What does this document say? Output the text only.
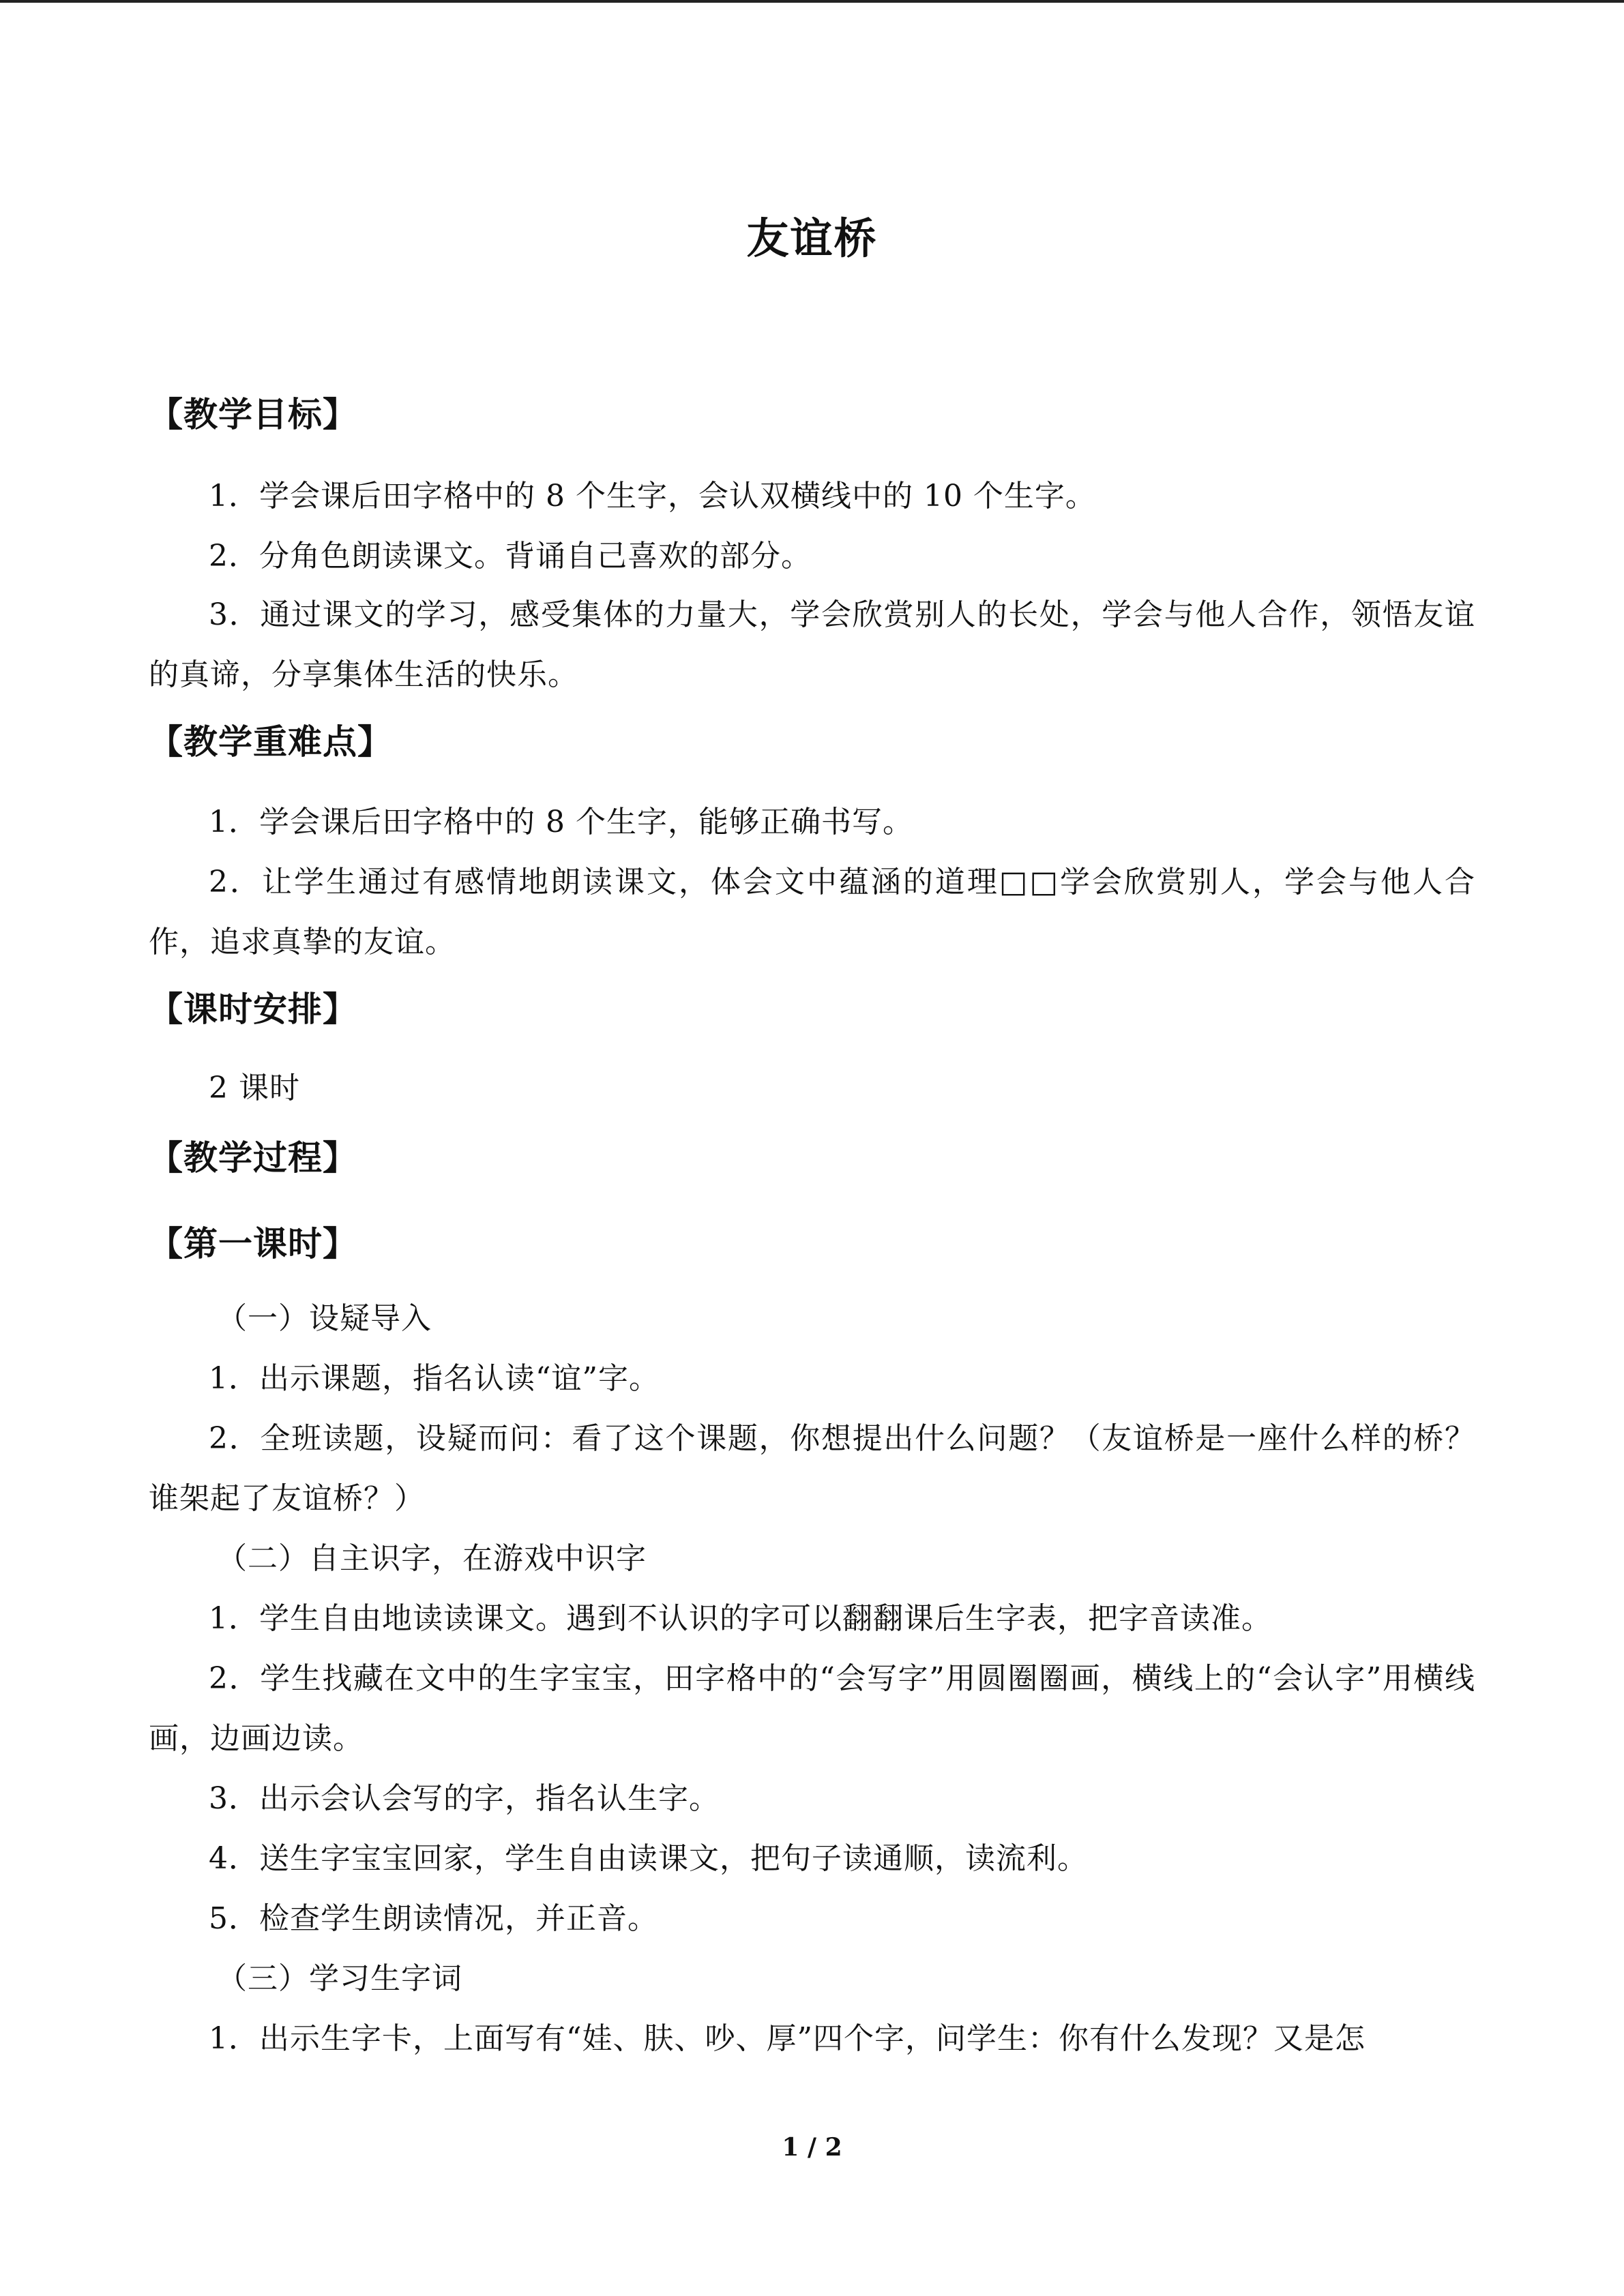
友谊桥
【教学目标】
1．学会课后田字格中的 8 个生字，会认双横线中的 10 个生字。
2．分角色朗读课文。背诵自己喜欢的部分。
3．通过课文的学习，感受集体的力量大，学会欣赏别人的长处，学会与他人合作，领悟友谊的真谛，分享集体生活的快乐。
【教学重难点】
1．学会课后田字格中的 8 个生字，能够正确书写。
2．让学生通过有感情地朗读课文，体会文中蕴涵的道理□□学会欣赏别人，学会与他人合作，追求真挚的友谊。
【课时安排】
2 课时
【教学过程】
【第一课时】
（一）设疑导入
1．出示课题，指名认读“谊”字。
2．全班读题，设疑而问：看了这个课题，你想提出什么问题？（友谊桥是一座什么样的桥？谁架起了友谊桥？）
（二）自主识字，在游戏中识字
1．学生自由地读读课文。遇到不认识的字可以翻翻课后生字表，把字音读准。
2．学生找藏在文中的生字宝宝，田字格中的“会写字”用圆圈圈画，横线上的“会认字”用横线画，边画边读。
3．出示会认会写的字，指名认生字。
4．送生字宝宝回家，学生自由读课文，把句子读通顺，读流利。
5．检查学生朗读情况，并正音。
（三）学习生字词
1．出示生字卡，上面写有“娃、肤、吵、厚”四个字，问学生：你有什么发现？又是怎
1 / 2
